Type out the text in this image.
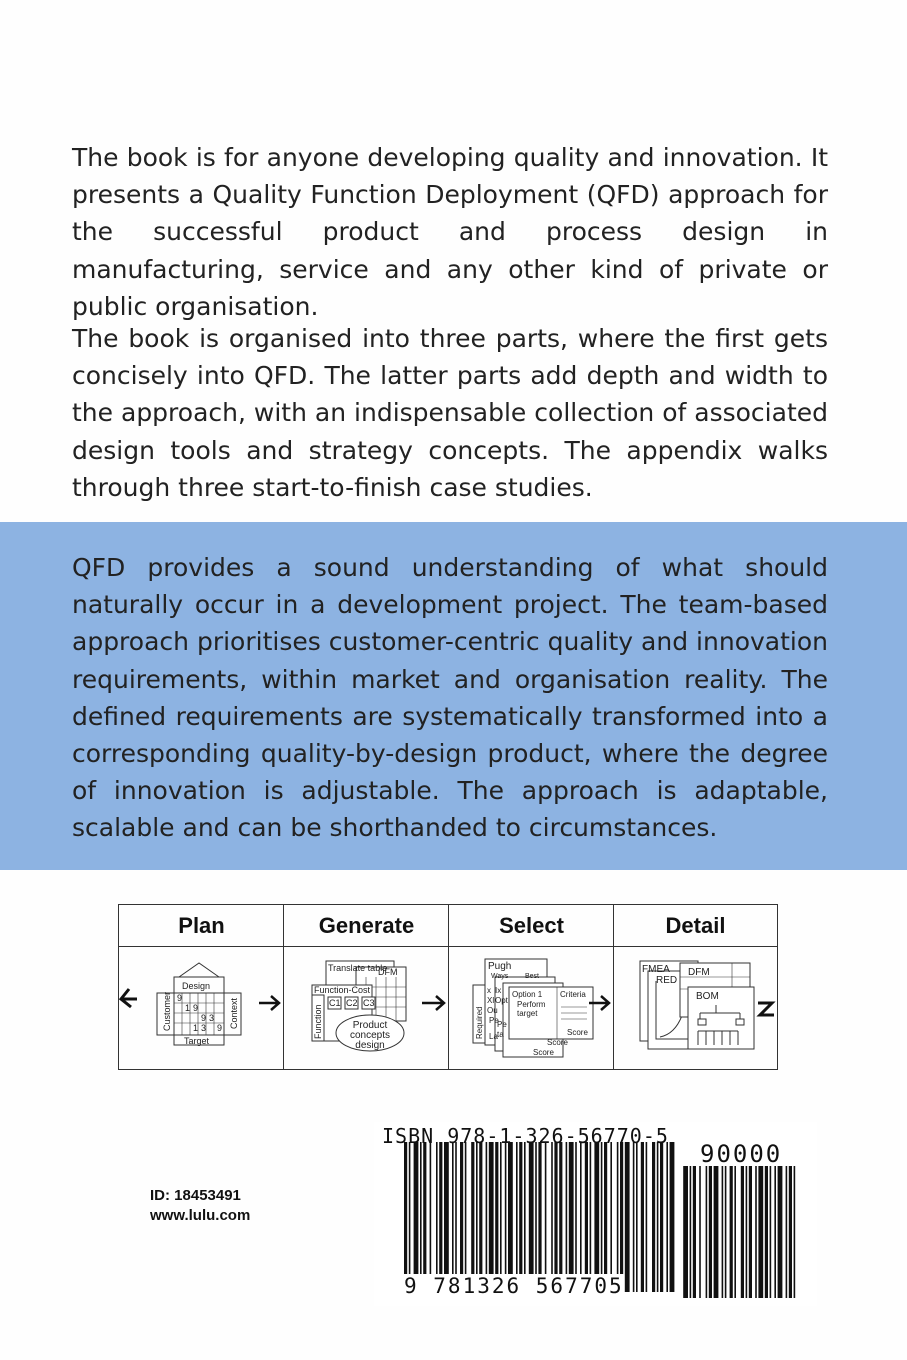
The book is for anyone developing quality and innovation. It presents a Quality Function Deployment (QFD) approach for the successful product and process design in manufacturing, service and any other kind of private or public organisation.

The book is organised into three parts, where the first gets concisely into QFD. The latter parts add depth and width to the approach, with an indispensable collection of associated design tools and strategy concepts. The appendix walks through three start-to-finish case studies.

QFD provides a sound understanding of what should naturally occur in a development project. The team-based approach prioritises customer-centric quality and innovation requirements, within market and organisation reality. The defined requirements are systematically transformed into a corresponding quality-by-design product, where the degree of innovation is adjustable. The approach is adaptable, scalable and can be shorthanded to circumstances.

Plan	Generate	Select	Detail
Design
Customer	Context
Target
9
1 9
9 3
1 3 9
Translate table
DFM
Function-Cost
C1 C2 C3
Function	Product
concepts
design
Pugh
Ways Best
Required
x Ix
Xl Opt
Ou
Pe
Pe
ta
La
Option 1 Criteria
Perform
target
Score
Score
Score
FMEA
RED
DFM
BOM
ID: 18453491
www.lulu.com
ISBN 978-1-326-56770-5
90000
9 781326 567705
